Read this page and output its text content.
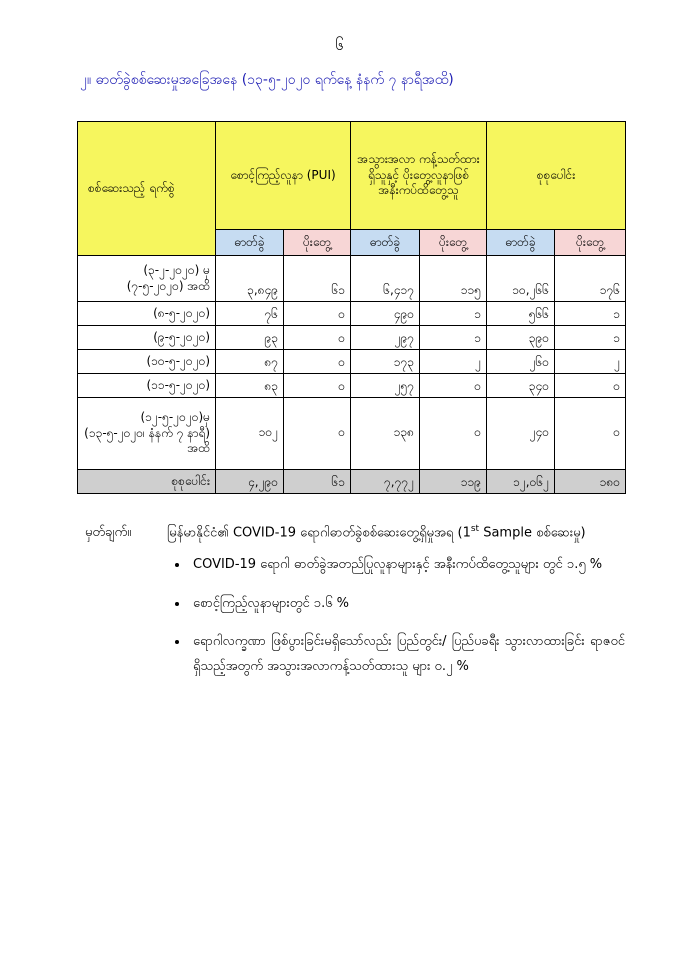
၆
၂။ ဓာတ်ခွဲစစ်ဆေးမှုအခြေအနေ (၁၃-၅-၂၀၂၀ ရက်နေ့ နံနက် ၇ နာရီအထိ)
စစ်ဆေးသည့် ရက်စွဲ	စောင့်ကြည့်လူနာ (PUI)		အသွားအလာ ကန့်သတ်ထားရှိသူနှင့် ပိုးတွေ့လူနာဖြစ် အနီးကပ်ထိတွေ့သူ		စုစုပေါင်း	
	ဓာတ်ခွဲ	ပိုးတွေ့	ဓာတ်ခွဲ	ပိုးတွေ့	ဓာတ်ခွဲ	ပိုးတွေ့
(၃-၂-၂၀၂၀) မှ (၇-၅-၂၀၂၀) အထိ	၃,၈၄၉	၆၁	၆,၄၁၇	၁၁၅	၁၀,၂၆၆	၁၇၆
(၈-၅-၂၀၂၀)	၇၆	၀	၄၉၀	၁	၅၆၆	၁
(၉-၅-၂၀၂၀)	၉၃	၀	၂၉၇	၁	၃၉၀	၁
(၁၀-၅-၂၀၂၀)	၈၇	၀	၁၇၃	၂	၂၆၀	၂
(၁၁-၅-၂၀၂၀)	၈၃	၀	၂၅၇	၀	၃၄၀	၀
(၁၂-၅-၂၀၂၀)မှ (၁၃-၅-၂၀၂၀၊ နံနက် ၇ နာရီ) အထိ	၁၀၂	၀	၁၃၈	၀	၂၄၀	၀
စုစုပေါင်း	၄,၂၉၀	၆၁	၇,၇၇၂	၁၁၉	၁၂,၀၆၂	၁၈၀
မှတ်ချက်။	မြန်မာနိုင်ငံ၏ COVID-19 ရောဂါဓာတ်ခွဲစစ်ဆေးတွေ့ရှိမှုအရ (1st Sample စစ်ဆေးမှု)
• COVID-19 ရောဂါ ဓာတ်ခွဲအတည်ပြုလူနာများနှင့် အနီးကပ်ထိတွေ့သူများ တွင် ၁.၅ %
• စောင့်ကြည့်လူနာများတွင် ၁.၆ %
• ရောဂါလက္ခဏာ ဖြစ်ပွားခြင်းမရှိသော်လည်း ပြည်တွင်း/ ပြည်ပခရီး သွားလာထားခြင်း ရာဇဝင်ရှိသည့်အတွက် အသွားအလာကန့်သတ်ထားသူ များ ၀.၂ %
